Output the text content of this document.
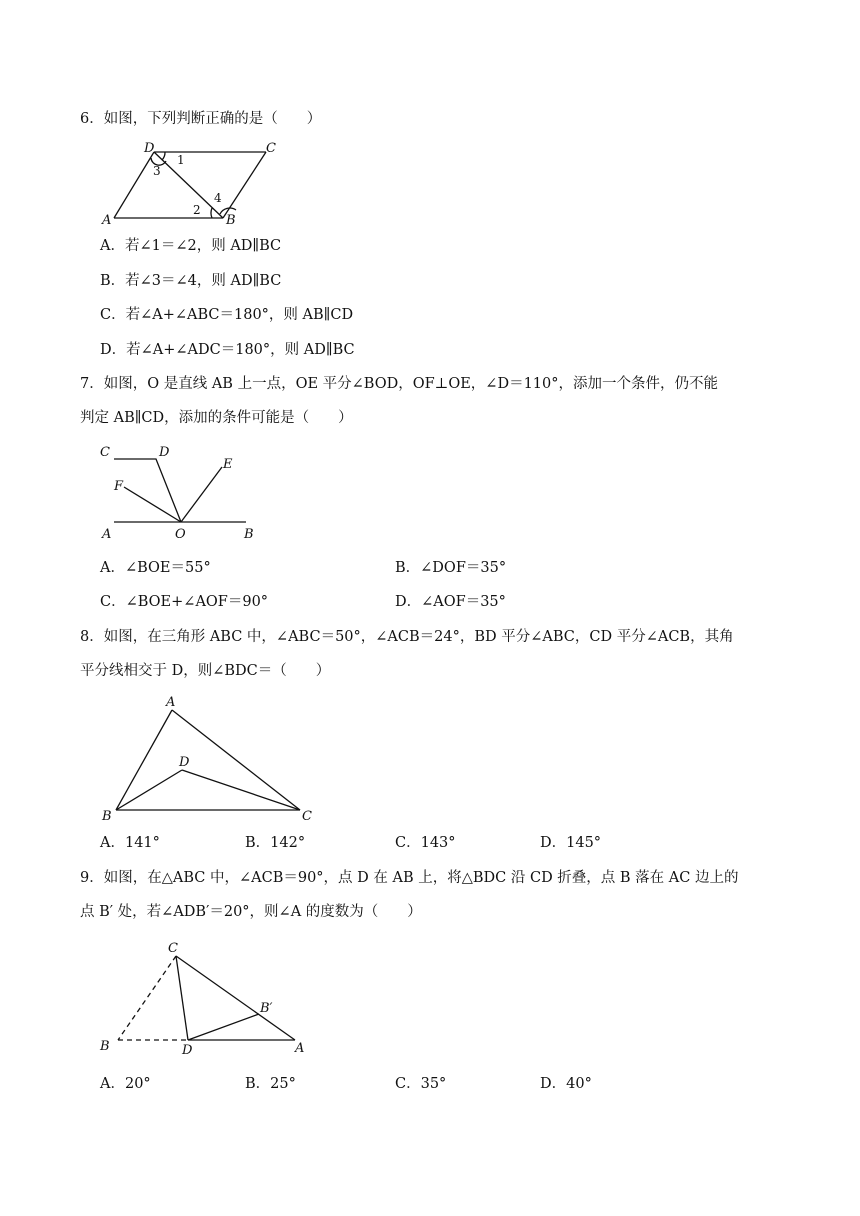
6．如图，下列判断正确的是（　　）
D	C
A	B
1
3
2
4
A．若∠1＝∠2，则 AD∥BC
B．若∠3＝∠4，则 AD∥BC
C．若∠A+∠ABC＝180°，则 AB∥CD
D．若∠A+∠ADC＝180°，则 AD∥BC
7．如图，O 是直线 AB 上一点，OE 平分∠BOD，OF⊥OE，∠D＝110°，添加一个条件，仍不能
判定 AB∥CD，添加的条件可能是（　　）
C	D
E
F
A	O	B
A．∠BOE＝55°	B．∠DOF＝35°
C．∠BOE+∠AOF＝90°	D．∠AOF＝35°
8．如图，在三角形 ABC 中，∠ABC＝50°，∠ACB＝24°，BD 平分∠ABC，CD 平分∠ACB，其角
平分线相交于 D，则∠BDC＝（　　）
A
D
B	C
A．141°	B．142°	C．143°	D．145°
9．如图，在△ABC 中，∠ACB＝90°，点 D 在 AB 上，将△BDC 沿 CD 折叠，点 B 落在 AC 边上的
点 B′ 处，若∠ADB′＝20°，则∠A 的度数为（　　）
C
B′
B	D	A
A．20°	B．25°	C．35°	D．40°
